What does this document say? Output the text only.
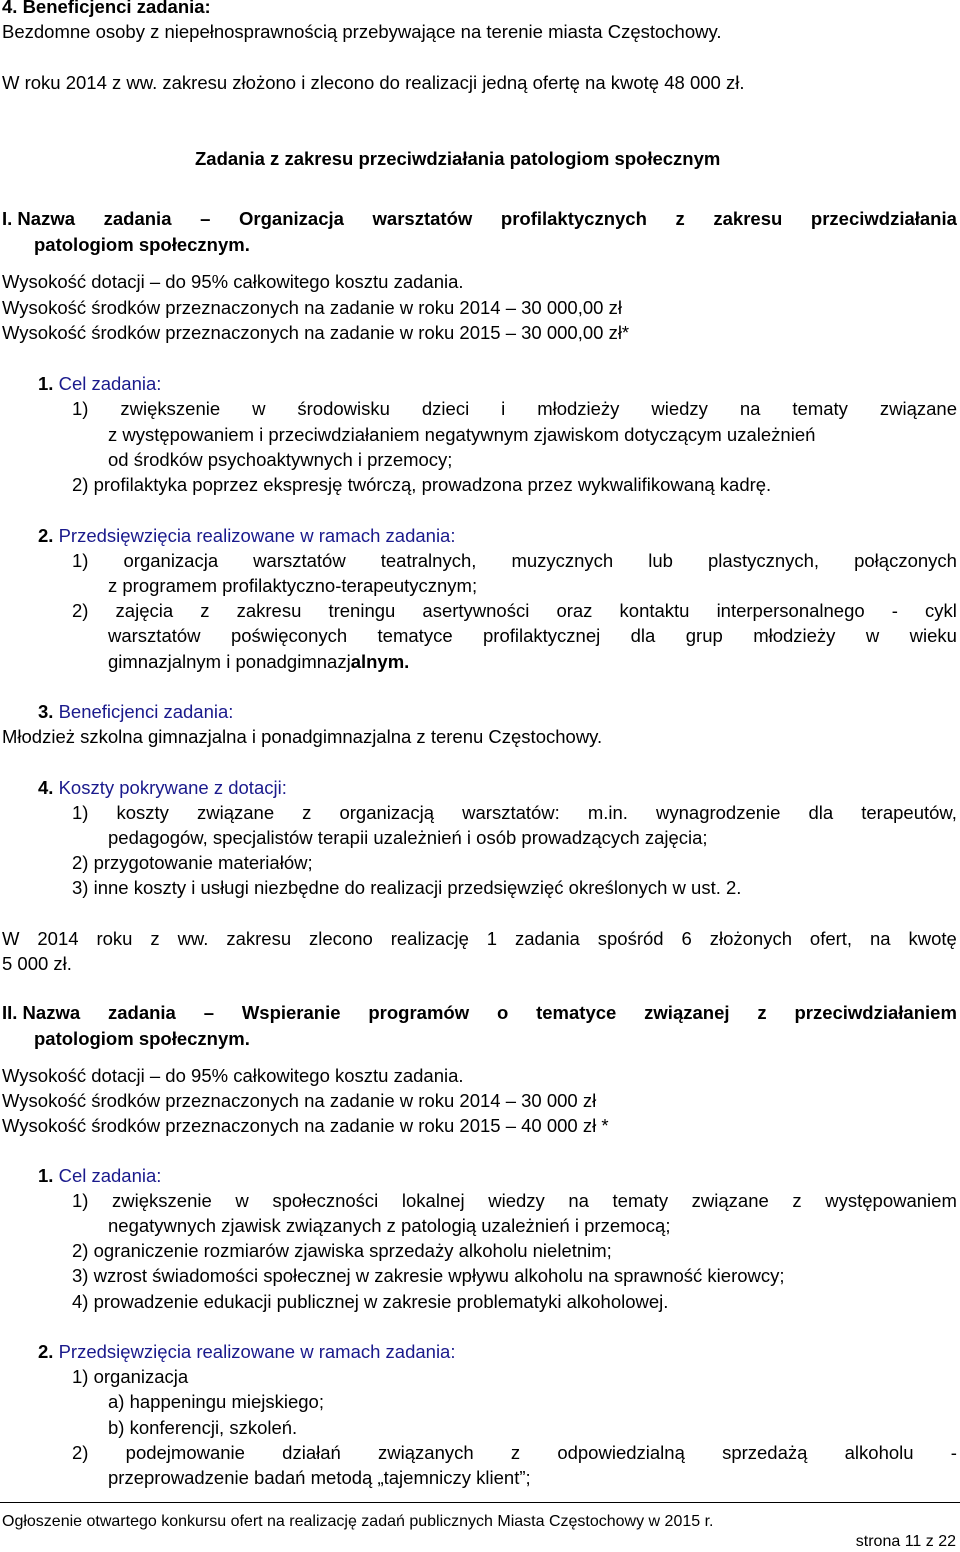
4. Beneficjenci zadania:
Bezdomne osoby z niepełnosprawnością przebywające na terenie miasta Częstochowy.
W roku 2014 z ww. zakresu złożono i zlecono do realizacji jedną ofertę na kwotę 48 000 zł.
Zadania z zakresu przeciwdziałania patologiom społecznym
I. Nazwa zadania – Organizacja warsztatów profilaktycznych z zakresu przeciwdziałania
patologiom społecznym.
Wysokość dotacji – do 95% całkowitego kosztu zadania.
Wysokość środków przeznaczonych na zadanie w roku 2014 – 30 000,00 zł
Wysokość środków przeznaczonych na zadanie w roku 2015 – 30 000,00 zł*
1. Cel zadania:
1) zwiększenie w środowisku dzieci i młodzieży wiedzy na tematy związane
z występowaniem i przeciwdziałaniem negatywnym zjawiskom dotyczącym uzależnień
od środków psychoaktywnych i przemocy;
2) profilaktyka poprzez ekspresję twórczą, prowadzona przez wykwalifikowaną kadrę.
2. Przedsięwzięcia realizowane w ramach zadania:
1) organizacja warsztatów teatralnych, muzycznych lub plastycznych, połączonych
z programem profilaktyczno-terapeutycznym;
2) zajęcia z zakresu treningu asertywności oraz kontaktu interpersonalnego - cykl
warsztatów poświęconych tematyce profilaktycznej dla grup młodzieży w wieku
gimnazjalnym i ponadgimnazjalnym.
3. Beneficjenci zadania:
Młodzież szkolna gimnazjalna i ponadgimnazjalna z terenu Częstochowy.
4. Koszty pokrywane z dotacji:
1) koszty związane z organizacją warsztatów: m.in. wynagrodzenie dla terapeutów,
pedagogów, specjalistów terapii uzależnień i osób prowadzących zajęcia;
2) przygotowanie materiałów;
3) inne koszty i usługi niezbędne do realizacji przedsięwzięć określonych w ust. 2.
W 2014 roku z ww. zakresu zlecono realizację 1 zadania spośród 6 złożonych ofert, na kwotę
5 000 zł.
II. Nazwa zadania – Wspieranie programów o tematyce związanej z przeciwdziałaniem
patologiom społecznym.
Wysokość dotacji – do 95% całkowitego kosztu zadania.
Wysokość środków przeznaczonych na zadanie w roku 2014 – 30 000 zł
Wysokość środków przeznaczonych na zadanie w roku 2015 – 40 000 zł *
1. Cel zadania:
1) zwiększenie w społeczności lokalnej wiedzy na tematy związane z występowaniem
negatywnych zjawisk związanych z patologią uzależnień i przemocą;
2) ograniczenie rozmiarów zjawiska sprzedaży alkoholu nieletnim;
3) wzrost świadomości społecznej w zakresie wpływu alkoholu na sprawność kierowcy;
4) prowadzenie edukacji publicznej w zakresie problematyki alkoholowej.
2. Przedsięwzięcia realizowane w ramach zadania:
1) organizacja
a) happeningu miejskiego;
b) konferencji, szkoleń.
2) podejmowanie działań związanych z odpowiedzialną sprzedażą alkoholu -
przeprowadzenie badań metodą „tajemniczy klient”;
Ogłoszenie otwartego konkursu ofert na realizację zadań publicznych Miasta Częstochowy w 2015 r.
strona 11 z 22
